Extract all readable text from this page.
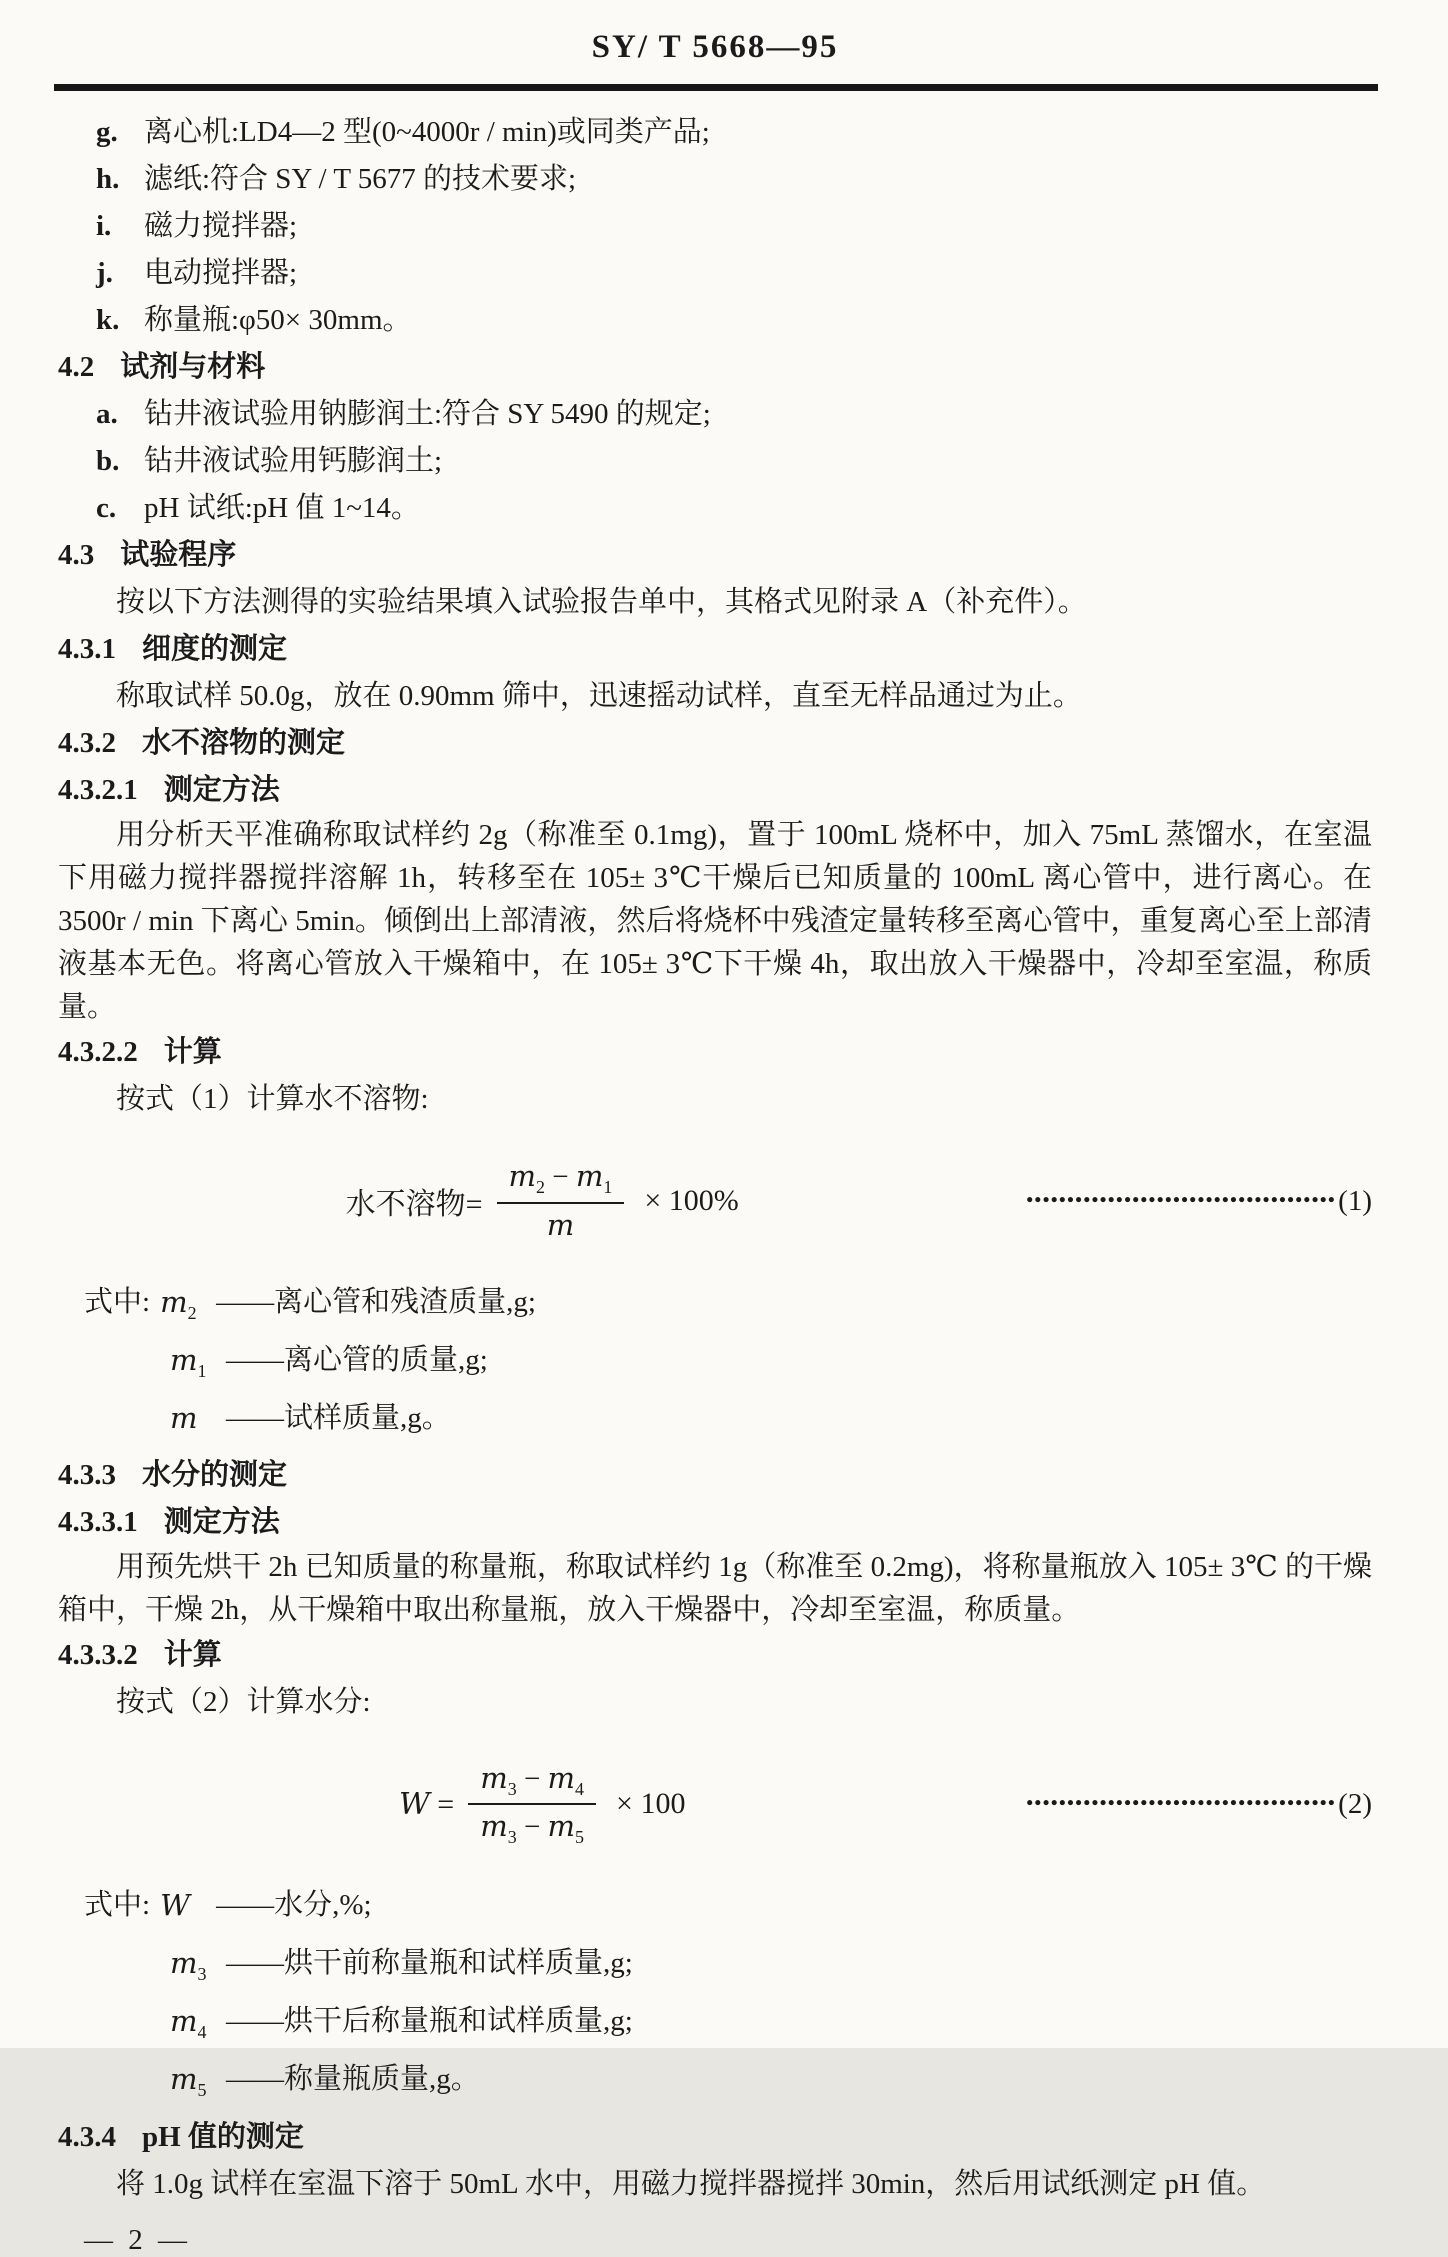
SY/ T 5668—95
g. 离心机:LD4—2 型(0~4000r / min)或同类产品;
h. 滤纸:符合 SY / T 5677 的技术要求;
i.	磁力搅拌器;
j.	电动搅拌器;
k. 称量瓶:φ50× 30mm。
4.2 试剂与材料
a. 钻井液试验用钠膨润土:符合 SY 5490 的规定;
b. 钻井液试验用钙膨润土;
c. pH 试纸:pH 值 1~14。
4.3 试验程序
按以下方法测得的实验结果填入试验报告单中，其格式见附录 A（补充件）。
4.3.1 细度的测定
称取试样 50.0g，放在 0.90mm 筛中，迅速摇动试样，直至无样品通过为止。
4.3.2 水不溶物的测定
4.3.2.1 测定方法
用分析天平准确称取试样约 2g（称准至 0.1mg)，置于 100mL 烧杯中，加入 75mL 蒸馏水，在室温下用磁力搅拌器搅拌溶解 1h，转移至在 105± 3℃干燥后已知质量的 100mL 离心管中，进行离心。在 3500r / min 下离心 5min。倾倒出上部清液，然后将烧杯中残渣定量转移至离心管中，重复离心至上部清液基本无色。将离心管放入干燥箱中，在 105± 3℃下干燥 4h，取出放入干燥器中，冷却至室温，称质量。
4.3.2.2 计算
按式（1）计算水不溶物:
水不溶物= $\frac{m_2 - m_1}{m} \times 100\%$	•••••••••••••••••••••••••••••••••••••• (1)
式中: $m_2$ ——离心管和残渣质量,g;
$m_1$ ——离心管的质量,g;
m ——试样质量,g。
4.3.3 水分的测定
4.3.3.1 测定方法
用预先烘干 2h 已知质量的称量瓶，称取试样约 1g（称准至 0.2mg)，将称量瓶放入 105± 3℃ 的干燥箱中，干燥 2h，从干燥箱中取出称量瓶，放入干燥器中，冷却至室温，称质量。
4.3.3.2 计算
按式（2）计算水分:
$W = \frac{m_3 - m_4}{m_3 - m_5} \times 100$	•••••••••••••••••••••••••••••••••••••• (2)
式中: W ——水分,%;
$m_3$ ——烘干前称量瓶和试样质量,g;
$m_4$ ——烘干后称量瓶和试样质量,g;
$m_5$ ——称量瓶质量,g。
4.3.4 pH 值的测定
将 1.0g 试样在室温下溶于 50mL 水中，用磁力搅拌器搅拌 30min，然后用试纸测定 pH 值。
— 2 —
